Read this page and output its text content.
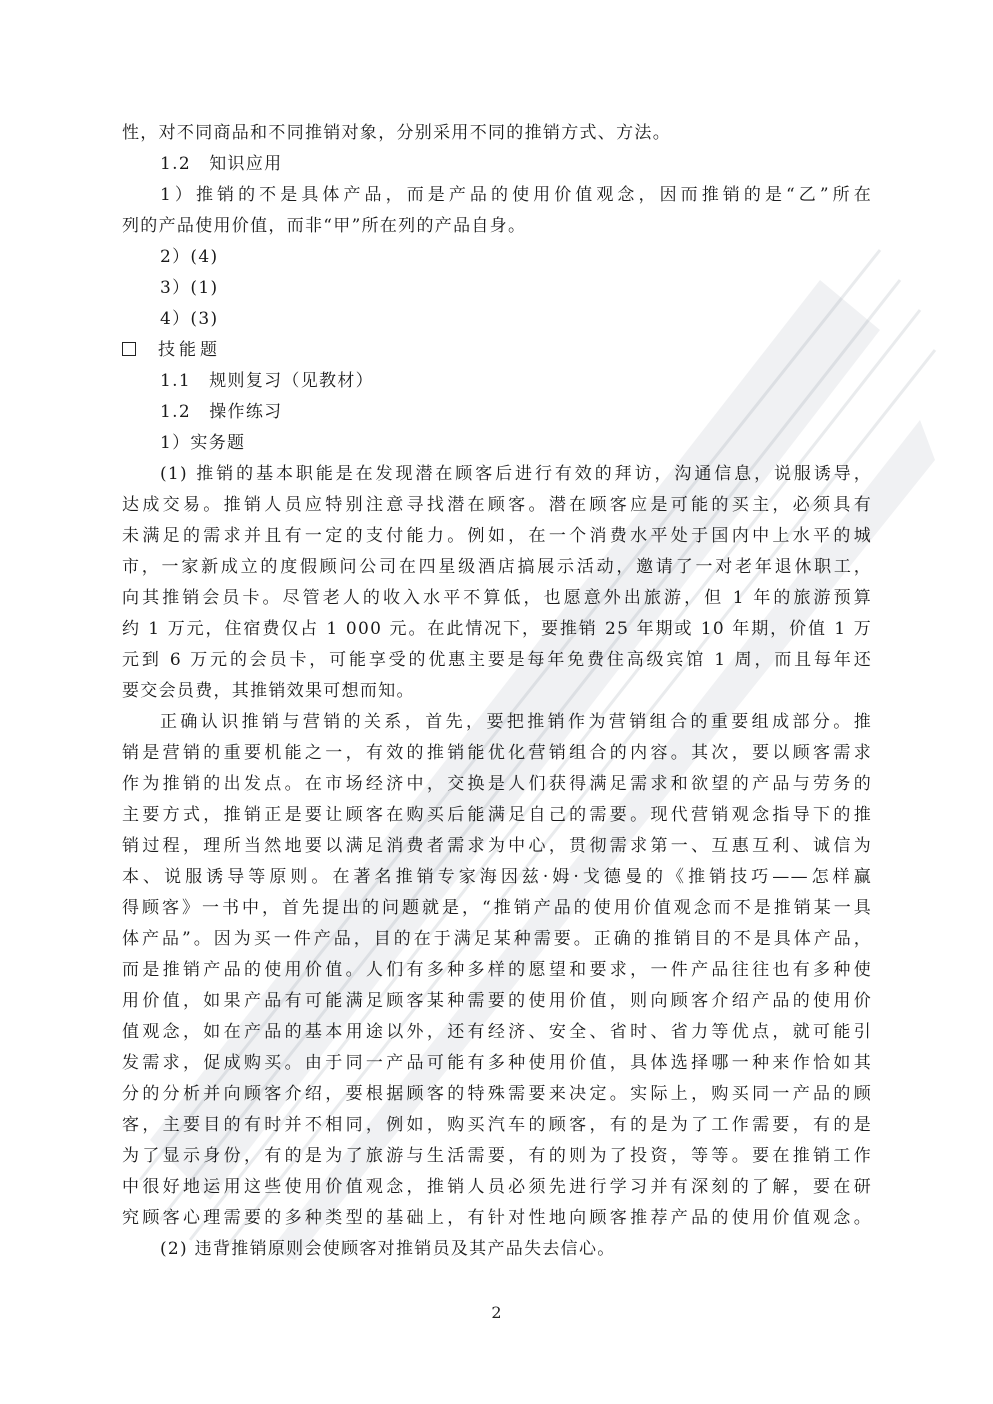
性，对不同商品和不同推销对象，分别采用不同的推销方式、方法。
1.2　知识应用
1）推销的不是具体产品，而是产品的使用价值观念，因而推销的是“乙”所在
列的产品使用价值，而非“甲”所在列的产品自身。
2）(4)
3）(1)
4）(3)
技能题
1.1　规则复习（见教材）
1.2　操作练习
1）实务题
(1) 推销的基本职能是在发现潜在顾客后进行有效的拜访，沟通信息，说服诱导，
达成交易。推销人员应特别注意寻找潜在顾客。潜在顾客应是可能的买主，必须具有
未满足的需求并且有一定的支付能力。例如，在一个消费水平处于国内中上水平的城
市，一家新成立的度假顾问公司在四星级酒店搞展示活动，邀请了一对老年退休职工，
向其推销会员卡。尽管老人的收入水平不算低，也愿意外出旅游，但 1 年的旅游预算
约 1 万元，住宿费仅占 1 000 元。在此情况下，要推销 25 年期或 10 年期，价值 1 万
元到 6 万元的会员卡，可能享受的优惠主要是每年免费住高级宾馆 1 周，而且每年还
要交会员费，其推销效果可想而知。
正确认识推销与营销的关系，首先，要把推销作为营销组合的重要组成部分。推
销是营销的重要机能之一，有效的推销能优化营销组合的内容。其次，要以顾客需求
作为推销的出发点。在市场经济中，交换是人们获得满足需求和欲望的产品与劳务的
主要方式，推销正是要让顾客在购买后能满足自己的需要。现代营销观念指导下的推
销过程，理所当然地要以满足消费者需求为中心，贯彻需求第一、互惠互利、诚信为
本、说服诱导等原则。在著名推销专家海因兹·姆·戈德曼的《推销技巧——怎样赢
得顾客》一书中，首先提出的问题就是，“推销产品的使用价值观念而不是推销某一具
体产品”。因为买一件产品，目的在于满足某种需要。正确的推销目的不是具体产品，
而是推销产品的使用价值。人们有多种多样的愿望和要求，一件产品往往也有多种使
用价值，如果产品有可能满足顾客某种需要的使用价值，则向顾客介绍产品的使用价
值观念，如在产品的基本用途以外，还有经济、安全、省时、省力等优点，就可能引
发需求，促成购买。由于同一产品可能有多种使用价值，具体选择哪一种来作恰如其
分的分析并向顾客介绍，要根据顾客的特殊需要来决定。实际上，购买同一产品的顾
客，主要目的有时并不相同，例如，购买汽车的顾客，有的是为了工作需要，有的是
为了显示身份，有的是为了旅游与生活需要，有的则为了投资，等等。要在推销工作
中很好地运用这些使用价值观念，推销人员必须先进行学习并有深刻的了解，要在研
究顾客心理需要的多种类型的基础上，有针对性地向顾客推荐产品的使用价值观念。
(2) 违背推销原则会使顾客对推销员及其产品失去信心。
2
